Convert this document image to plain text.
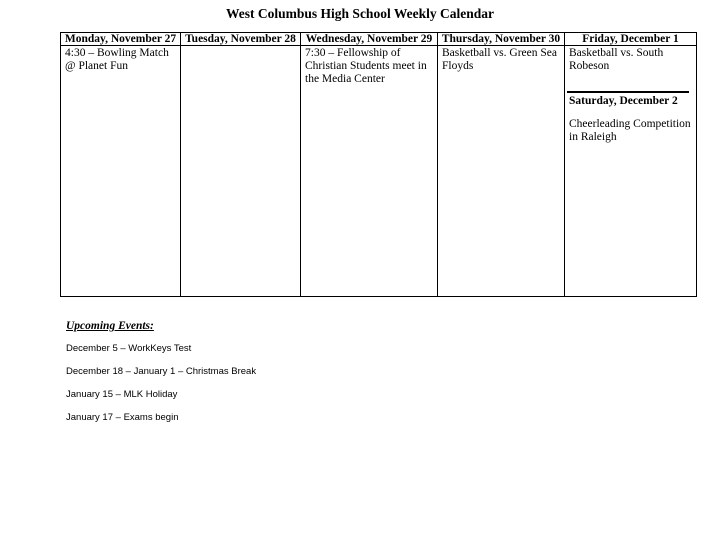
West Columbus High School Weekly Calendar
Monday, November 27	Tuesday, November 28	Wednesday, November 29	Thursday, November 30	Friday, December 1

4:30 – Bowling Match @ Planet Fun		7:30 – Fellowship of Christian Students meet in the Media Center	Basketball vs. Green Sea Floyds	Basketball vs. South Robeson
Saturday, December 2
Cheerleading Competition in Raleigh
Upcoming Events:
December 5 – WorkKeys Test
December 18 – January 1 – Christmas Break
January 15 – MLK Holiday
January 17 – Exams begin
